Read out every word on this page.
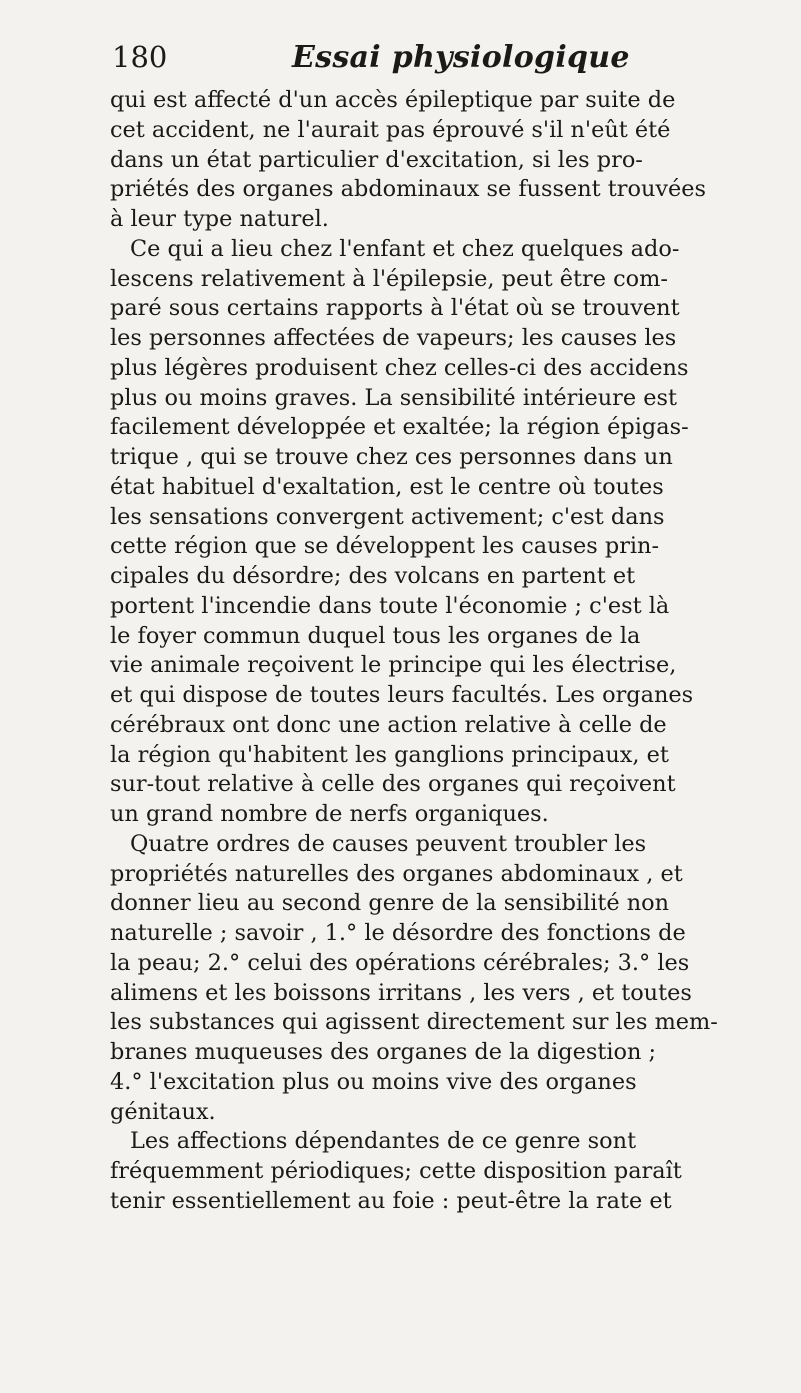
180	Essai physiologique
qui est affecté d'un accès épileptique par suite de
cet accident, ne l'aurait pas éprouvé s'il n'eût été
dans un état particulier d'excitation, si les pro-
priétés des organes abdominaux se fussent trouvées
à leur type naturel.
Ce qui a lieu chez l'enfant et chez quelques ado-
lescens relativement à l'épilepsie, peut être com-
paré sous certains rapports à l'état où se trouvent
les personnes affectées de vapeurs; les causes les
plus légères produisent chez celles-ci des accidens
plus ou moins graves. La sensibilité intérieure est
facilement développée et exaltée; la région épigas-
trique , qui se trouve chez ces personnes dans un
état habituel d'exaltation, est le centre où toutes
les sensations convergent activement; c'est dans
cette région que se développent les causes prin-
cipales du désordre; des volcans en partent et
portent l'incendie dans toute l'économie ; c'est là
le foyer commun duquel tous les organes de la
vie animale reçoivent le principe qui les électrise,
et qui dispose de toutes leurs facultés. Les organes
cérébraux ont donc une action relative à celle de
la région qu'habitent les ganglions principaux, et
sur-tout relative à celle des organes qui reçoivent
un grand nombre de nerfs organiques.
Quatre ordres de causes peuvent troubler les
propriétés naturelles des organes abdominaux , et
donner lieu au second genre de la sensibilité non
naturelle ; savoir , 1.° le désordre des fonctions de
la peau; 2.° celui des opérations cérébrales; 3.° les
alimens et les boissons irritans , les vers , et toutes
les substances qui agissent directement sur les mem-
branes muqueuses des organes de la digestion ;
4.° l'excitation plus ou moins vive des organes
génitaux.
Les affections dépendantes de ce genre sont
fréquemment périodiques; cette disposition paraît
tenir essentiellement au foie : peut-être la rate et
